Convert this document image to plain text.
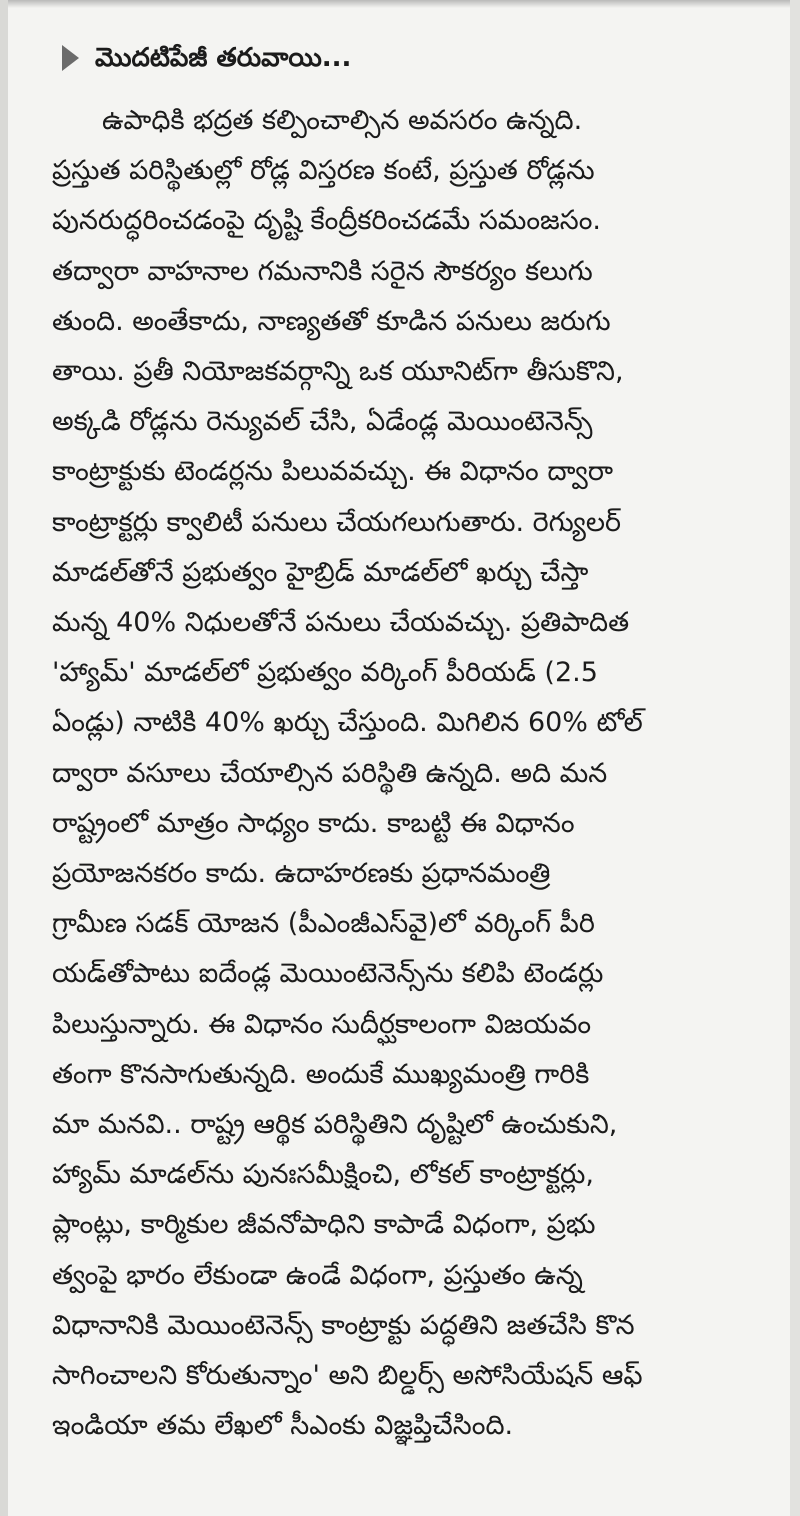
మొదటిపేజీ తరువాయి...
ఉపాధికి భద్రత కల్పించాల్సిన అవసరం ఉన్నది.
ప్రస్తుత పరిస్థితుల్లో రోడ్ల విస్తరణ కంటే, ప్రస్తుత రోడ్లను
పునరుద్ధరించడంపై దృష్టి కేంద్రీకరించడమే సమంజసం.
తద్వారా వాహనాల గమనానికి సరైన సౌకర్యం కలుగు
తుంది. అంతేకాదు, నాణ్యతతో కూడిన పనులు జరుగు
తాయి. ప్రతీ నియోజకవర్గాన్ని ఒక యూనిట్‌గా తీసుకొని,
అక్కడి రోడ్లను రెన్యువల్ చేసి, ఏడేండ్ల మెయింటెనెన్స్
కాంట్రాక్టుకు టెండర్లను పిలువవచ్చు. ఈ విధానం ద్వారా
కాంట్రాక్టర్లు క్వాలిటీ పనులు చేయగలుగుతారు. రెగ్యులర్
మాడల్‌తోనే ప్రభుత్వం హైబ్రిడ్ మాడల్‌లో ఖర్చు చేస్తా
మన్న 40% నిధులతోనే పనులు చేయవచ్చు. ప్రతిపాదిత
'హ్యామ్' మాడల్‌లో ప్రభుత్వం వర్కింగ్ పీరియడ్ (2.5
ఏండ్లు) నాటికి 40% ఖర్చు చేస్తుంది. మిగిలిన 60% టోల్
ద్వారా వసూలు చేయాల్సిన పరిస్థితి ఉన్నది. అది మన
రాష్ట్రంలో మాత్రం సాధ్యం కాదు. కాబట్టి ఈ విధానం
ప్రయోజనకరం కాదు. ఉదాహరణకు ప్రధానమంత్రి
గ్రామీణ సడక్ యోజన (పీఎంజీఎస్‌వై)లో వర్కింగ్ పీరి
యడ్‌తోపాటు ఐదేండ్ల మెయింటెనెన్స్‌ను కలిపి టెండర్లు
పిలుస్తున్నారు. ఈ విధానం సుదీర్ఘకాలంగా విజయవం
తంగా కొనసాగుతున్నది. అందుకే ముఖ్యమంత్రి గారికి
మా మనవి.. రాష్ట్ర ఆర్థిక పరిస్థితిని దృష్టిలో ఉంచుకుని,
హ్యామ్ మాడల్‌ను పునఃసమీక్షించి, లోకల్ కాంట్రాక్టర్లు,
ప్లాంట్లు, కార్మికుల జీవనోపాధిని కాపాడే విధంగా, ప్రభు
త్వంపై భారం లేకుండా ఉండే విధంగా, ప్రస్తుతం ఉన్న
విధానానికి మెయింటెనెన్స్ కాంట్రాక్టు పద్ధతిని జతచేసి కొన
సాగించాలని కోరుతున్నాం' అని బిల్డర్స్ అసోసియేషన్ ఆఫ్
ఇండియా తమ లేఖలో సీఎంకు విజ్ఞప్తిచేసింది.
